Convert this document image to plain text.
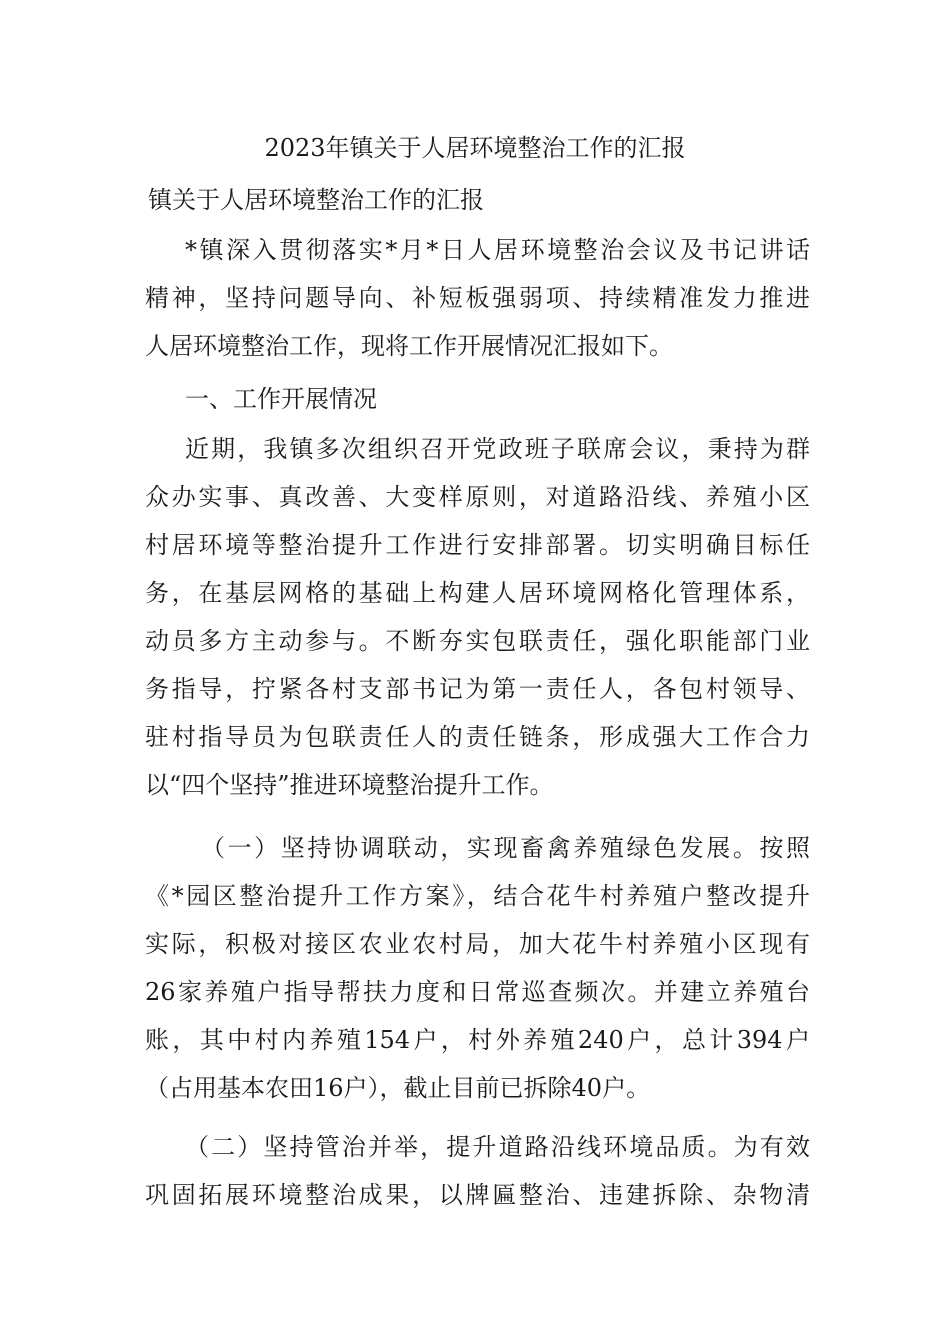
2023年镇关于人居环境整治工作的汇报
镇关于人居环境整治工作的汇报
*镇深入贯彻落实*月*日人居环境整治会议及书记讲话
精神，坚持问题导向、补短板强弱项、持续精准发力推进
人居环境整治工作，现将工作开展情况汇报如下。
一、工作开展情况
近期，我镇多次组织召开党政班子联席会议，秉持为群
众办实事、真改善、大变样原则，对道路沿线、养殖小区
村居环境等整治提升工作进行安排部署。切实明确目标任
务，在基层网格的基础上构建人居环境网格化管理体系，
动员多方主动参与。不断夯实包联责任，强化职能部门业
务指导，拧紧各村支部书记为第一责任人，各包村领导、
驻村指导员为包联责任人的责任链条，形成强大工作合力
以“四个坚持”推进环境整治提升工作。
（一）坚持协调联动，实现畜禽养殖绿色发展。按照
《*园区整治提升工作方案》，结合花牛村养殖户整改提升
实际，积极对接区农业农村局，加大花牛村养殖小区现有
26家养殖户指导帮扶力度和日常巡查频次。并建立养殖台
账，其中村内养殖154户，村外养殖240户，总计394户
（占用基本农田16户），截止目前已拆除40户。
（二）坚持管治并举，提升道路沿线环境品质。为有效
巩固拓展环境整治成果，以牌匾整治、违建拆除、杂物清
